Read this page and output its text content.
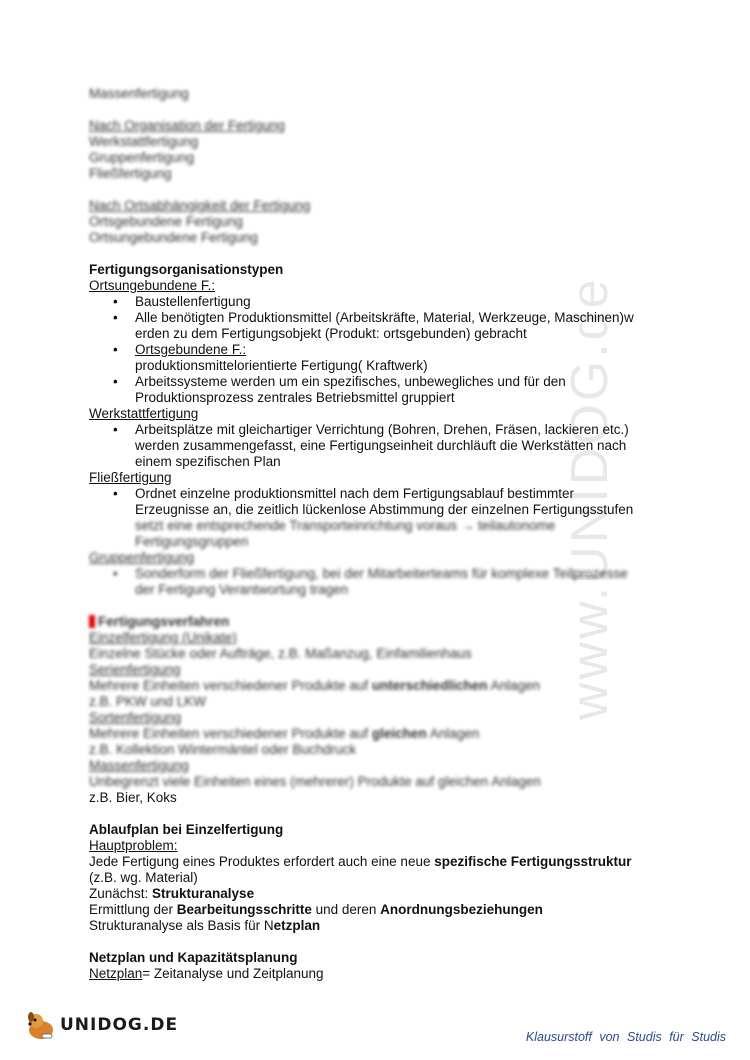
www.UNIDOG.de
Massenfertigung
Nach Organisation der Fertigung
Werkstattfertigung
Gruppenfertigung
Fließfertigung
Nach Ortsabhängigkeit der Fertigung
Ortsgebundene Fertigung
Ortsungebundene Fertigung
Fertigungsorganisationstypen
Ortsungebundene F.:
• Baustellenfertigung
• Alle benötigten Produktionsmittel (Arbeitskräfte, Material, Werkzeuge, Maschinen)w
erden zu dem Fertigungsobjekt (Produkt: ortsgebunden) gebracht
• Ortsgebundene F.:
produktionsmittelorientierte Fertigung( Kraftwerk)
• Arbeitssysteme werden um ein spezifisches, unbewegliches und für den
Produktionsprozess zentrales Betriebsmittel gruppiert
Werkstattfertigung
• Arbeitsplätze mit gleichartiger Verrichtung (Bohren, Drehen, Fräsen, lackieren etc.)
werden zusammengefasst, eine Fertigungseinheit durchläuft die Werkstätten nach
einem spezifischen Plan
Fließfertigung
• Ordnet einzelne produktionsmittel nach dem Fertigungsablauf bestimmter
Erzeugnisse an, die zeitlich lückenlose Abstimmung der einzelnen Fertigungsstufen
setzt eine entsprechende Transporteinrichtung voraus → teilautonome
Fertigungsgruppen
Gruppenfertigung
• Sonderform der Fließfertigung, bei der Mitarbeiterteams für komplexe Teilprozesse
der Fertigung Verantwortung tragen
Fertigungsverfahren
Einzelfertigung (Unikate)
Einzelne Stücke oder Aufträge, z.B. Maßanzug, Einfamilienhaus
Serienfertigung
Mehrere Einheiten verschiedener Produkte auf unterschiedlichen Anlagen
z.B. PKW und LKW
Sortenfertigung
Mehrere Einheiten verschiedener Produkte auf gleichen Anlagen
z.B. Kollektion Wintermäntel oder Buchdruck
Massenfertigung
Unbegrenzt viele Einheiten eines (mehrerer) Produkte auf gleichen Anlagen
z.B. Bier, Koks
Ablaufplan bei Einzelfertigung
Hauptproblem:
Jede Fertigung eines Produktes erfordert auch eine neue spezifische Fertigungsstruktur
(z.B. wg. Material)
Zunächst: Strukturanalyse
Ermittlung der Bearbeitungsschritte und deren Anordnungsbeziehungen
Strukturanalyse als Basis für Netzplan
Netzplan und Kapazitätsplanung
Netzplan= Zeitanalyse und Zeitplanung
UNIDOG.DE
Klausurstoff von Studis für Studis
